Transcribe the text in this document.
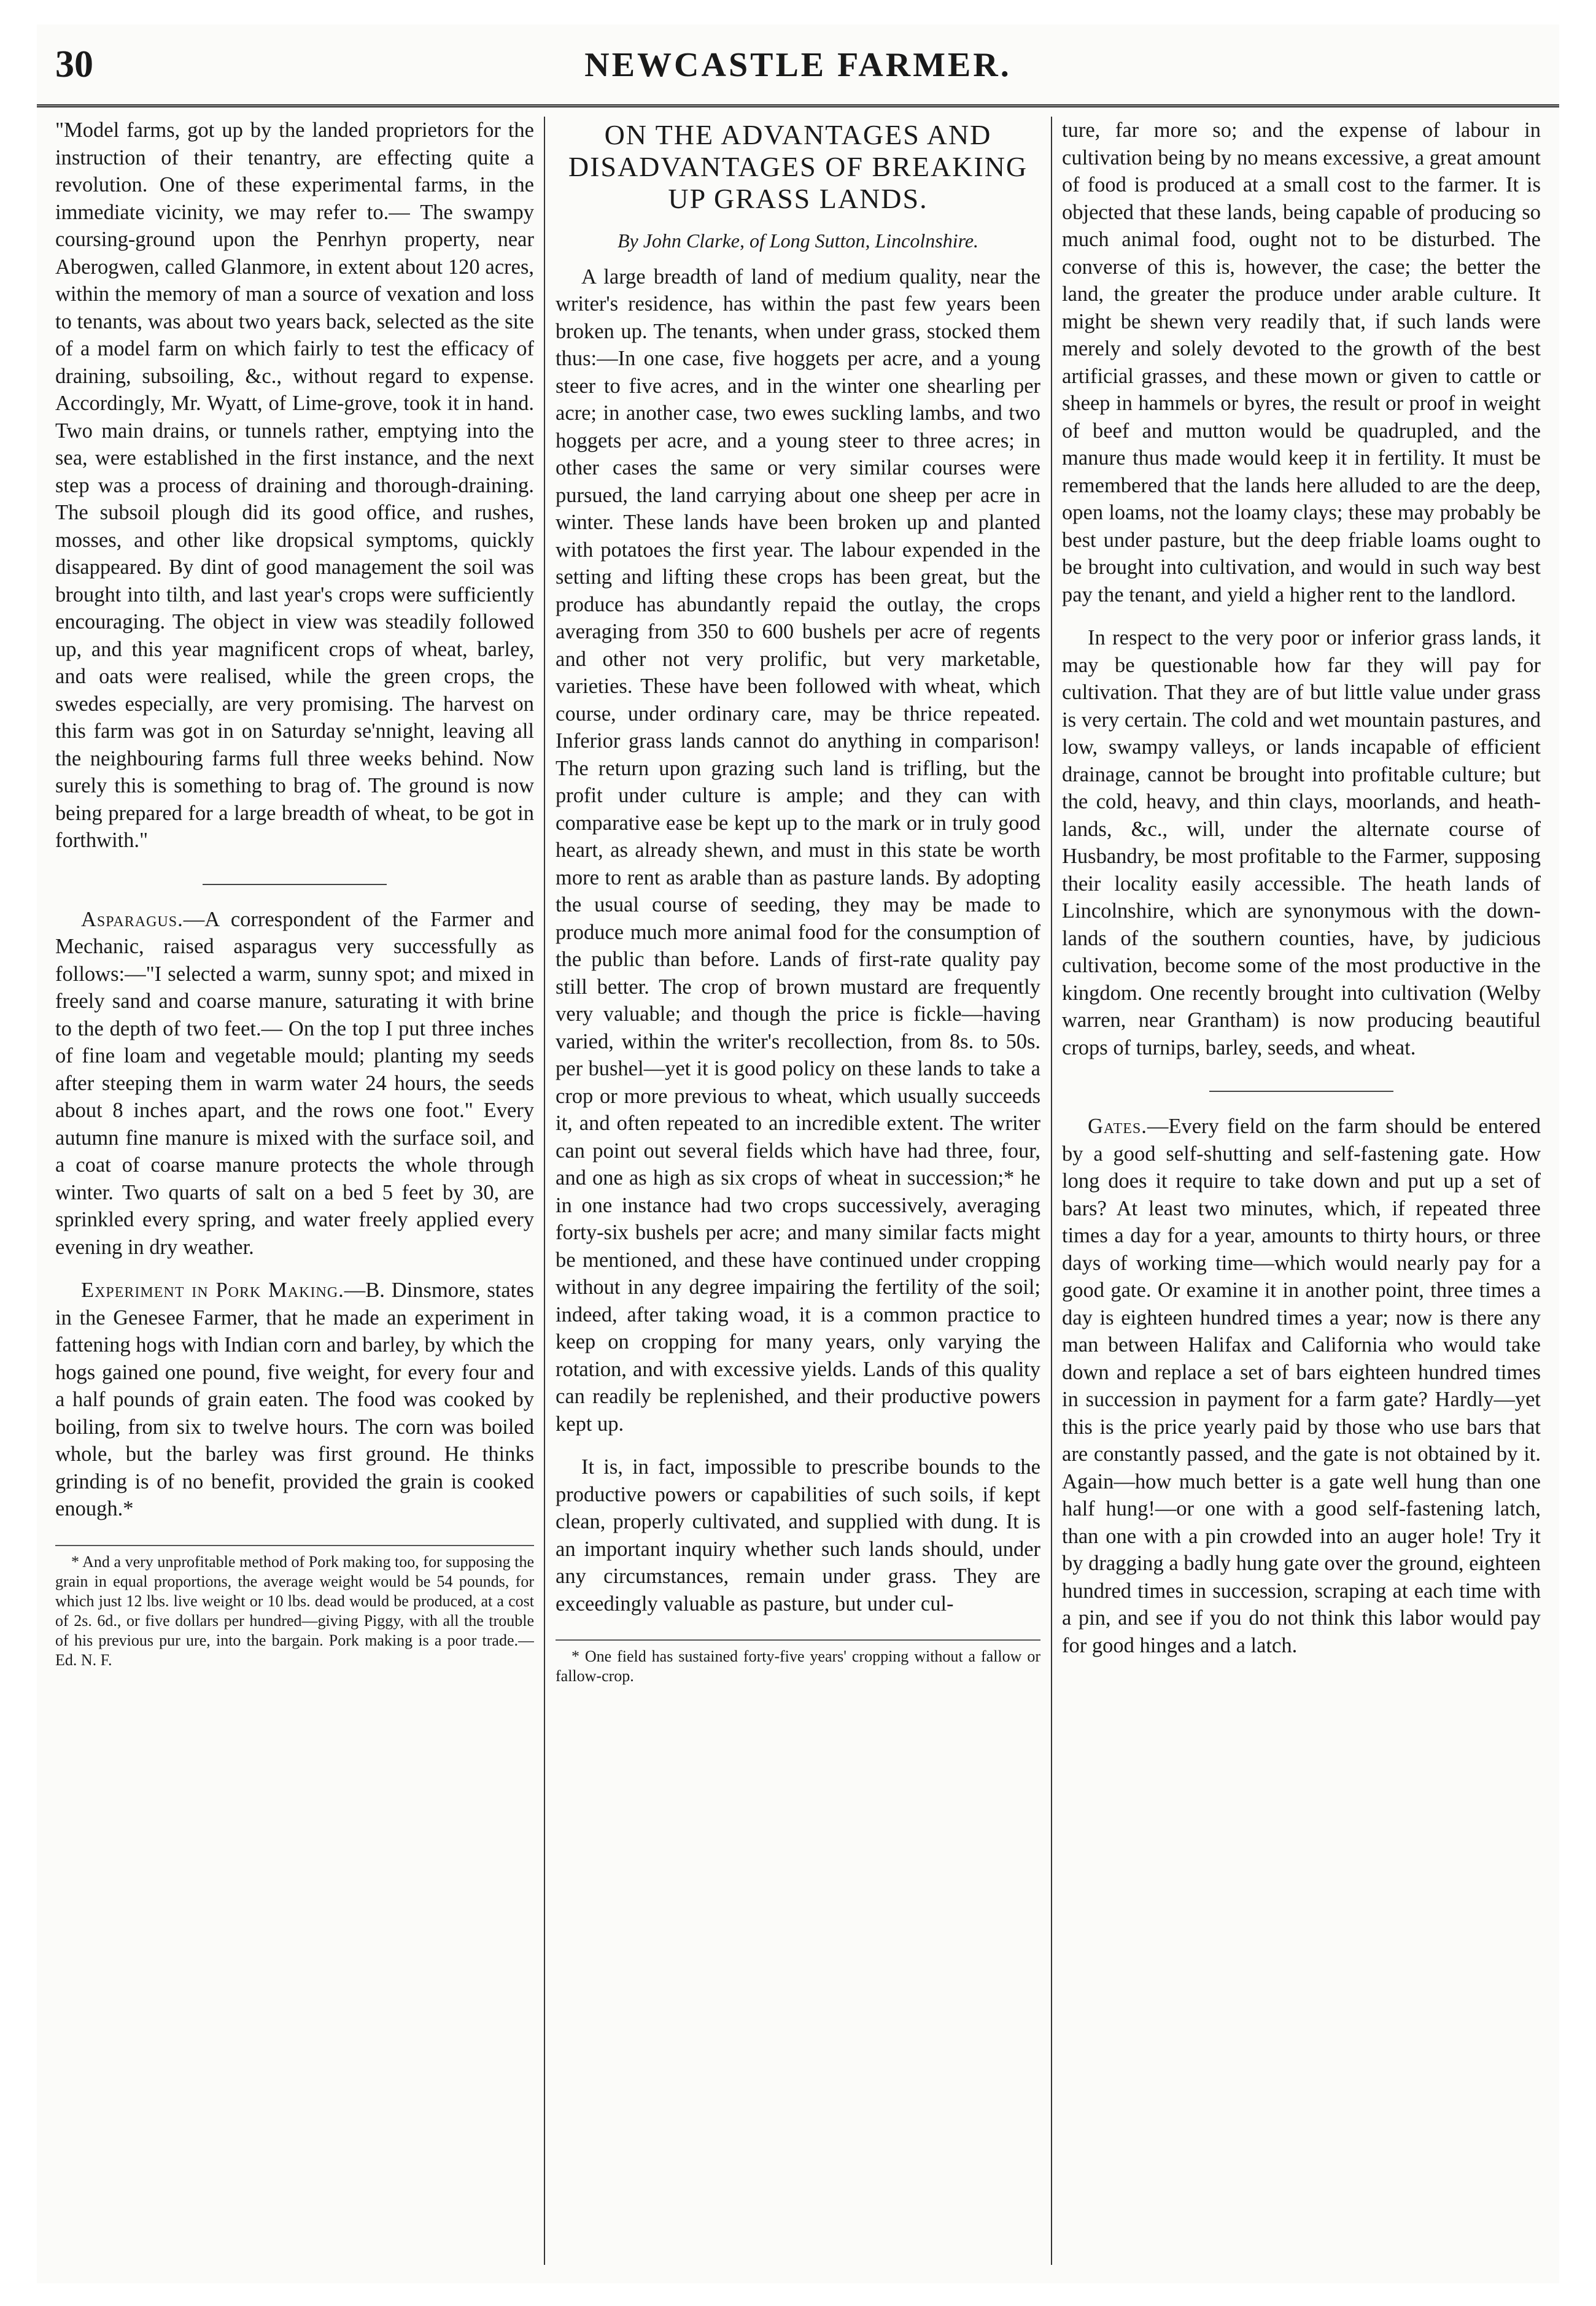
30	NEWCASTLE FARMER.

"Model farms, got up by the landed proprietors for the instruction of their tenantry, are effecting quite a revolution. One of these experimental farms, in the immediate vicinity, we may refer to.— The swampy coursing-ground upon the Penrhyn property, near Aberogwen, called Glanmore, in extent about 120 acres, within the memory of man a source of vexation and loss to tenants, was about two years back, selected as the site of a model farm on which fairly to test the efficacy of draining, subsoiling, &c., without regard to expense. Accordingly, Mr. Wyatt, of Lime-grove, took it in hand. Two main drains, or tunnels rather, emptying into the sea, were established in the first instance, and the next step was a process of draining and thorough-draining. The subsoil plough did its good office, and rushes, mosses, and other like dropsical symptoms, quickly disappeared. By dint of good management the soil was brought into tilth, and last year's crops were sufficiently encouraging. The object in view was steadily followed up, and this year magnificent crops of wheat, barley, and oats were realised, while the green crops, the swedes especially, are very promising. The harvest on this farm was got in on Saturday se'nnight, leaving all the neighbouring farms full three weeks behind. Now surely this is something to brag of. The ground is now being prepared for a large breadth of wheat, to be got in forthwith."

Asparagus.—A correspondent of the Farmer and Mechanic, raised asparagus very successfully as follows:—"I selected a warm, sunny spot; and mixed in freely sand and coarse manure, saturating it with brine to the depth of two feet.— On the top I put three inches of fine loam and vegetable mould; planting my seeds after steeping them in warm water 24 hours, the seeds about 8 inches apart, and the rows one foot." Every autumn fine manure is mixed with the surface soil, and a coat of coarse manure protects the whole through winter. Two quarts of salt on a bed 5 feet by 30, are sprinkled every spring, and water freely applied every evening in dry weather.

Experiment in Pork Making.—B. Dinsmore, states in the Genesee Farmer, that he made an experiment in fattening hogs with Indian corn and barley, by which the hogs gained one pound, five weight, for every four and a half pounds of grain eaten. The food was cooked by boiling, from six to twelve hours. The corn was boiled whole, but the barley was first ground. He thinks grinding is of no benefit, provided the grain is cooked enough.*

* And a very unprofitable method of Pork making too, for supposing the grain in equal proportions, the average weight would be 54 pounds, for which just 12 lbs. live weight or 10 lbs. dead would be produced, at a cost of 2s. 6d., or five dollars per hundred—giving Piggy, with all the trouble of his previous pur ure, into the bargain. Pork making is a poor trade.—Ed. N. F.

ON THE ADVANTAGES AND DISADVANTAGES OF BREAKING UP GRASS LANDS.

By John Clarke, of Long Sutton, Lincolnshire.

A large breadth of land of medium quality, near the writer's residence, has within the past few years been broken up. The tenants, when under grass, stocked them thus:—In one case, five hoggets per acre, and a young steer to five acres, and in the winter one shearling per acre; in another case, two ewes suckling lambs, and two hoggets per acre, and a young steer to three acres; in other cases the same or very similar courses were pursued, the land carrying about one sheep per acre in winter. These lands have been broken up and planted with potatoes the first year. The labour expended in the setting and lifting these crops has been great, but the produce has abundantly repaid the outlay, the crops averaging from 350 to 600 bushels per acre of regents and other not very prolific, but very marketable, varieties. These have been followed with wheat, which course, under ordinary care, may be thrice repeated. Inferior grass lands cannot do anything in comparison! The return upon grazing such land is trifling, but the profit under culture is ample; and they can with comparative ease be kept up to the mark or in truly good heart, as already shewn, and must in this state be worth more to rent as arable than as pasture lands. By adopting the usual course of seeding, they may be made to produce much more animal food for the consumption of the public than before. Lands of first-rate quality pay still better. The crop of brown mustard are frequently very valuable; and though the price is fickle—having varied, within the writer's recollection, from 8s. to 50s. per bushel—yet it is good policy on these lands to take a crop or more previous to wheat, which usually succeeds it, and often repeated to an incredible extent. The writer can point out several fields which have had three, four, and one as high as six crops of wheat in succession;* he in one instance had two crops successively, averaging forty-six bushels per acre; and many similar facts might be mentioned, and these have continued under cropping without in any degree impairing the fertility of the soil; indeed, after taking woad, it is a common practice to keep on cropping for many years, only varying the rotation, and with excessive yields. Lands of this quality can readily be replenished, and their productive powers kept up.

It is, in fact, impossible to prescribe bounds to the productive powers or capabilities of such soils, if kept clean, properly cultivated, and supplied with dung. It is an important inquiry whether such lands should, under any circumstances, remain under grass. They are exceedingly valuable as pasture, but under cul-

* One field has sustained forty-five years' cropping without a fallow or fallow-crop.

ture, far more so; and the expense of labour in cultivation being by no means excessive, a great amount of food is produced at a small cost to the farmer. It is objected that these lands, being capable of producing so much animal food, ought not to be disturbed. The converse of this is, however, the case; the better the land, the greater the produce under arable culture. It might be shewn very readily that, if such lands were merely and solely devoted to the growth of the best artificial grasses, and these mown or given to cattle or sheep in hammels or byres, the result or proof in weight of beef and mutton would be quadrupled, and the manure thus made would keep it in fertility. It must be remembered that the lands here alluded to are the deep, open loams, not the loamy clays; these may probably be best under pasture, but the deep friable loams ought to be brought into cultivation, and would in such way best pay the tenant, and yield a higher rent to the landlord.

In respect to the very poor or inferior grass lands, it may be questionable how far they will pay for cultivation. That they are of but little value under grass is very certain. The cold and wet mountain pastures, and low, swampy valleys, or lands incapable of efficient drainage, cannot be brought into profitable culture; but the cold, heavy, and thin clays, moorlands, and heath-lands, &c., will, under the alternate course of Husbandry, be most profitable to the Farmer, supposing their locality easily accessible. The heath lands of Lincolnshire, which are synonymous with the down-lands of the southern counties, have, by judicious cultivation, become some of the most productive in the kingdom. One recently brought into cultivation (Welby warren, near Grantham) is now producing beautiful crops of turnips, barley, seeds, and wheat.

Gates.—Every field on the farm should be entered by a good self-shutting and self-fastening gate. How long does it require to take down and put up a set of bars? At least two minutes, which, if repeated three times a day for a year, amounts to thirty hours, or three days of working time—which would nearly pay for a good gate. Or examine it in another point, three times a day is eighteen hundred times a year; now is there any man between Halifax and California who would take down and replace a set of bars eighteen hundred times in succession in payment for a farm gate? Hardly—yet this is the price yearly paid by those who use bars that are constantly passed, and the gate is not obtained by it. Again—how much better is a gate well hung than one half hung!—or one with a good self-fastening latch, than one with a pin crowded into an auger hole! Try it by dragging a badly hung gate over the ground, eighteen hundred times in succession, scraping at each time with a pin, and see if you do not think this labor would pay for good hinges and a latch.
